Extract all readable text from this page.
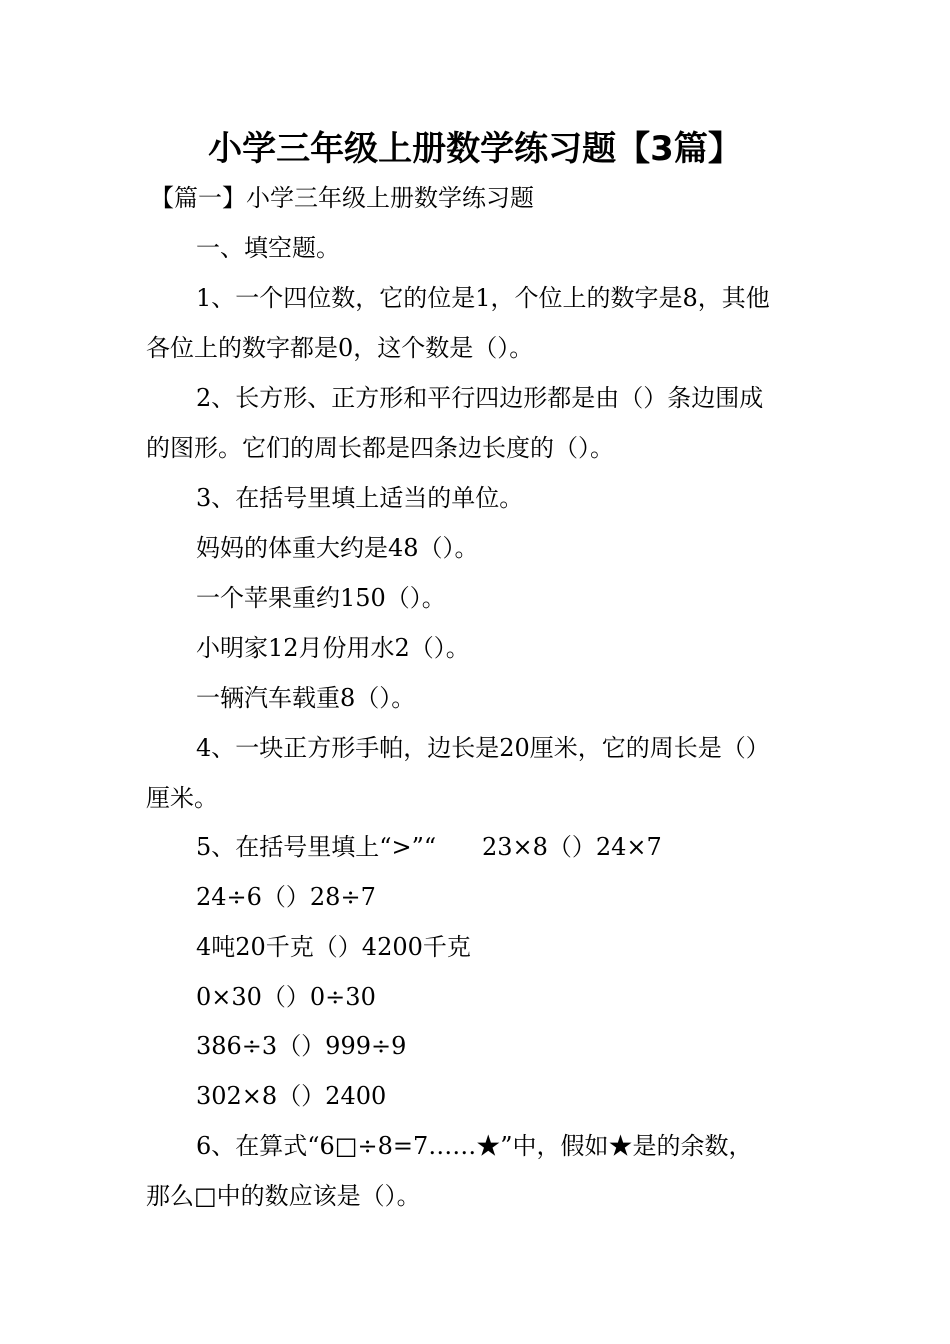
小学三年级上册数学练习题【3篇】
【篇一】小学三年级上册数学练习题
一、填空题。
1、一个四位数，它的位是1，个位上的数字是8，其他
各位上的数字都是0，这个数是（）。
2、长方形、正方形和平行四边形都是由（）条边围成
的图形。它们的周长都是四条边长度的（）。
3、在括号里填上适当的单位。
妈妈的体重大约是48（）。
一个苹果重约150（）。
小明家12月份用水2（）。
一辆汽车载重8（）。
4、一块正方形手帕，边长是20厘米，它的周长是（）
厘米。
5、在括号里填上“>”“      23×8（）24×7
24÷6（）28÷7
4吨20千克（）4200千克
0×30（）0÷30
386÷3（）999÷9
302×8（）2400
6、在算式“6□÷8=7……★”中，假如★是的余数，
那么□中的数应该是（）。
